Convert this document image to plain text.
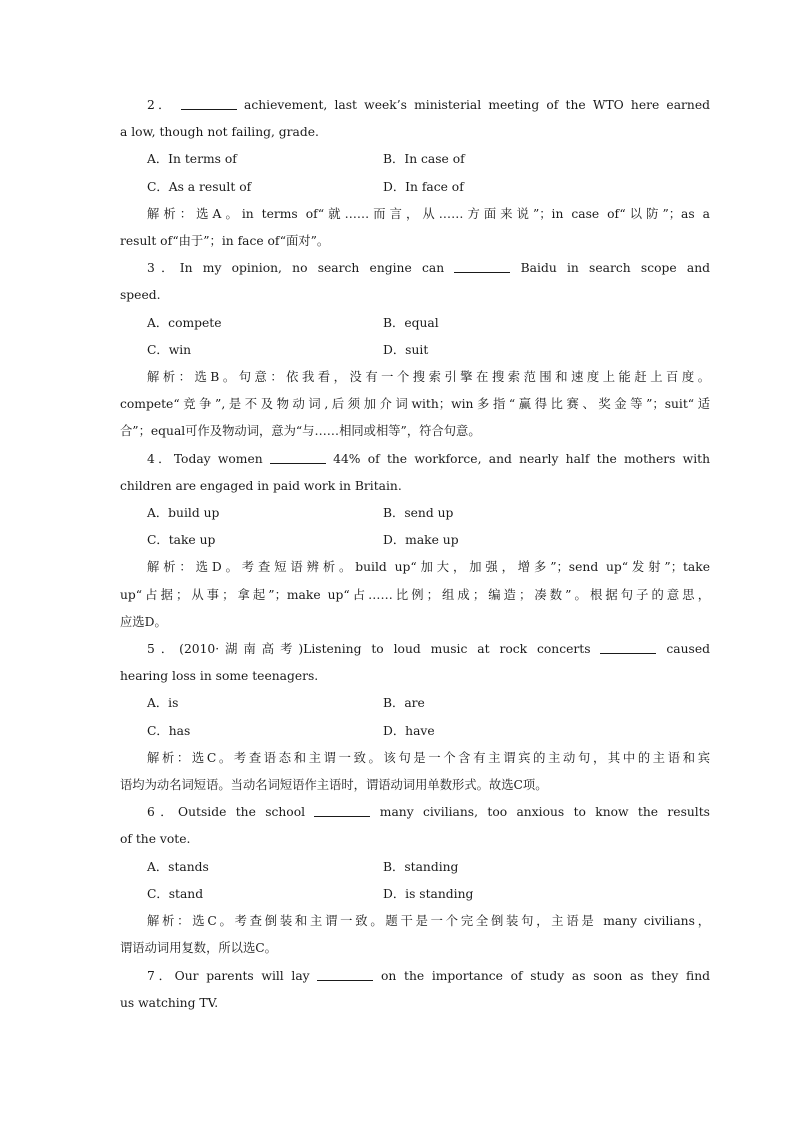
2．	achievement, last week’s ministerial meeting of the WTO here earned
a low, though not failing, grade.
A．In terms of	B．In case of
C．As a result of	D．In face of
解析：选A。in terms of“就……而言，从……方面来说”；in case of“以防”；as a
result of“由于”；in face of“面对”。
3．In my opinion, no search engine can	Baidu in search scope and
speed.
A．compete	B．equal
C．win	D．suit
解析：选B。句意：依我看，没有一个搜索引擎在搜索范围和速度上能赶上百度。
compete“竞争”,是不及物动词,后须加介词with；win多指“赢得比赛、奖金等”；suit“适
合”；equal可作及物动词，意为“与……相同或相等”，符合句意。
4．Today women	44% of the workforce, and nearly half the mothers with
children are engaged in paid work in Britain.
A．build up	B．send up
C．take up	D．make up
解析：选D。考查短语辨析。build up“加大，加强，增多”；send up“发射”；take
up“占据；从事；拿起”；make up“占……比例；组成；编造；凑数”。根据句子的意思，
应选D。
5．(2010·湖南高考)Listening to loud music at rock concerts	caused
hearing loss in some teenagers.
A．is	B．are
C．has	D．have
解析：选C。考查语态和主谓一致。该句是一个含有主谓宾的主动句，其中的主语和宾
语均为动名词短语。当动名词短语作主语时，谓语动词用单数形式。故选C项。
6．Outside the school	many civilians, too anxious to know the results
of the vote.
A．stands	B．standing
C．stand	D．is standing
解析：选C。考查倒装和主谓一致。题干是一个完全倒装句，主语是 many civilians，
谓语动词用复数，所以选C。
7．Our parents will lay	on the importance of study as soon as they find
us watching TV.
